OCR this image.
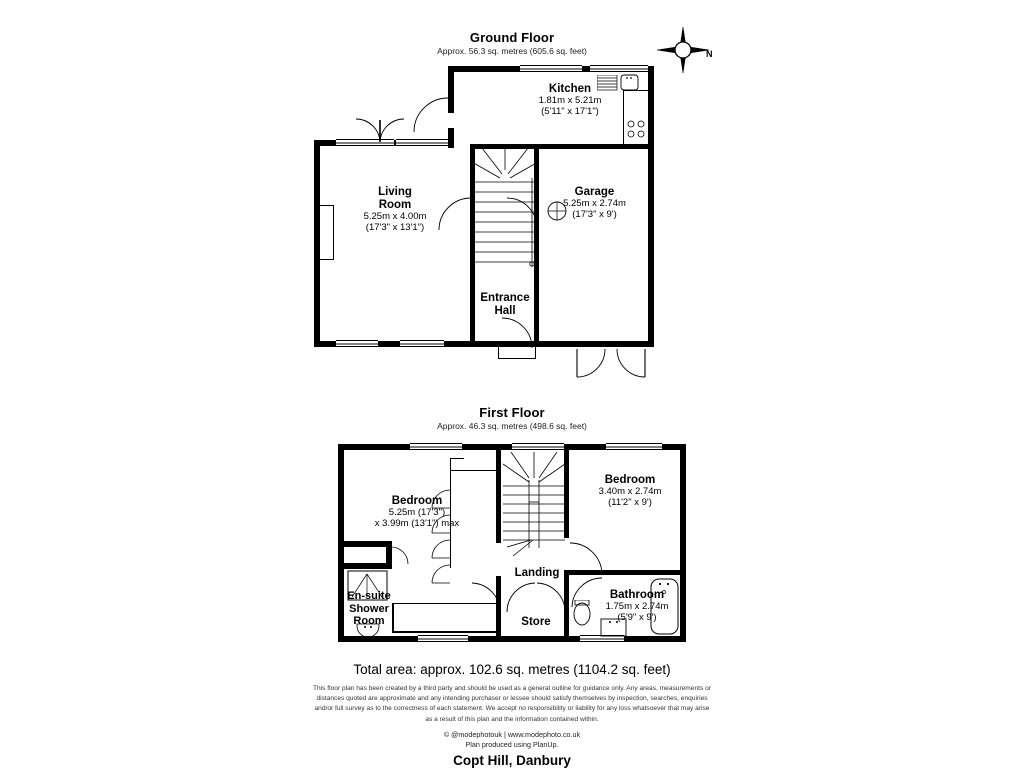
N
Ground Floor
Approx. 56.3 sq. metres (605.6 sq. feet)
Kitchen
1.81m x 5.21m
(5'11" x 17'1")
Living
Room
5.25m x 4.00m
(17'3" x 13'1")
Garage
5.25m x 2.74m
(17'3" x 9')
Entrance
Hall
First Floor
Approx. 46.3 sq. metres (498.6 sq. feet)
Bedroom
5.25m (17'3")
x 3.99m (13'1") max
Bedroom
3.40m x 2.74m
(11'2" x 9')
Bathroom
1.75m x 2.74m
(5'9" x 9')
En-suite
Shower
Room
Landing
Store
Total area: approx. 102.6 sq. metres (1104.2 sq. feet)
This floor plan has been created by a third party and should be used as a general outline for guidance only. Any areas, measurements or distances quoted are approximate and any intending purchaser or lessee should satisfy themselves by inspection, searches, enquiries and/or full survey as to the correctness of each statement. We accept no responsibility or liability for any loss whatsoever that may arise as a result of this plan and the information contained within.
© @modephotouk | www.modephoto.co.uk
Plan produced using PlanUp.
Copt Hill, Danbury
